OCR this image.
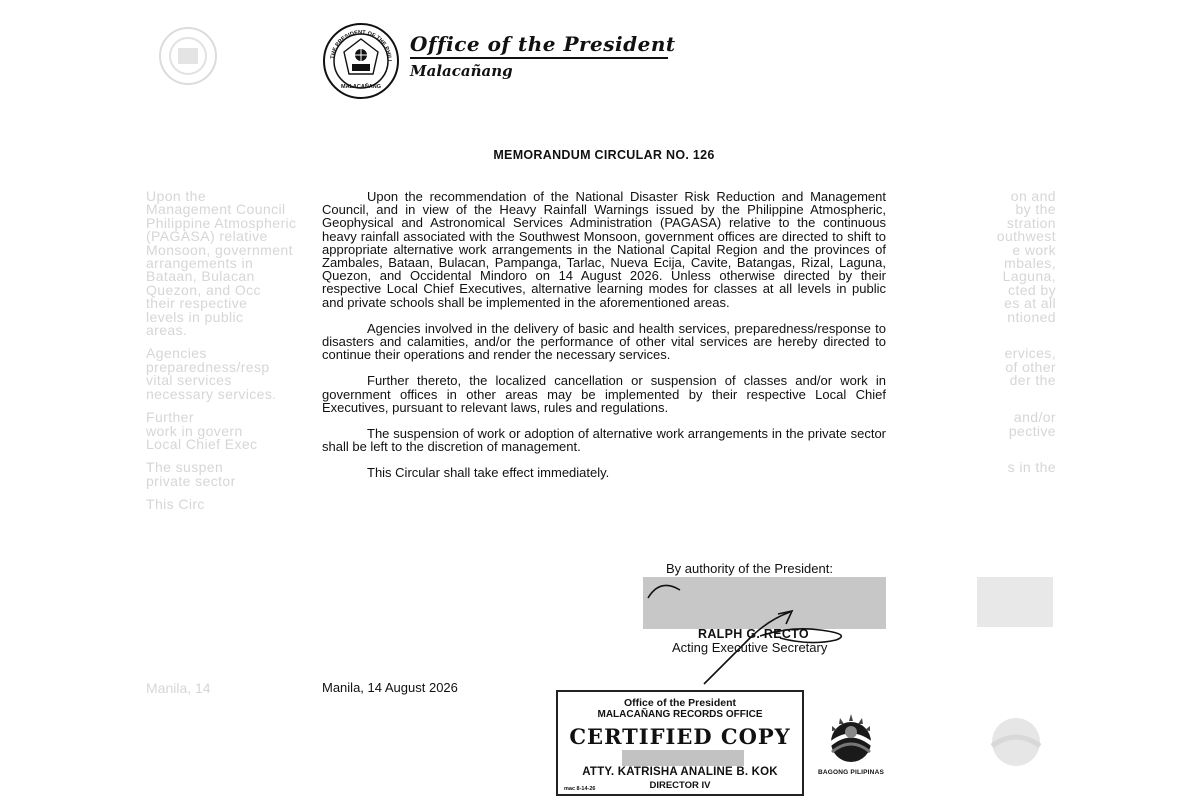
Upon the
Management Council
Philippine Atmospheric
(PAGASA) relative
Monsoon, government
arrangements in
Bataan, Bulacan
Quezon, and Occ
their respective
levels in public
areas.

Agencies
preparedness/resp
vital services
necessary services.

Further
work in govern
Local Chief Exec

The suspen
private sector

This Circ

on and
by the
stration
outhwest
e work
mbales,
Laguna,
cted by
es at all
ntioned

ervices,
of other
der the

and/or
pective

s in the

Manila, 14
THE PRESIDENT OF THE PHILI
MALACAÑANG
Office of the President
Malacañang
MEMORANDUM CIRCULAR NO. 126

Upon the recommendation of the National Disaster Risk Reduction and Management Council, and in view of the Heavy Rainfall Warnings issued by the Philippine Atmospheric, Geophysical and Astronomical Services Administration (PAGASA) relative to the continuous heavy rainfall associated with the Southwest Monsoon, government offices are directed to shift to appropriate alternative work arrangements in the National Capital Region and the provinces of Zambales, Bataan, Bulacan, Pampanga, Tarlac, Nueva Ecija, Cavite, Batangas, Rizal, Laguna, Quezon, and Occidental Mindoro on 14 August 2026. Unless otherwise directed by their respective Local Chief Executives, alternative learning modes for classes at all levels in public and private schools shall be implemented in the aforementioned areas.

Agencies involved in the delivery of basic and health services, preparedness/response to disasters and calamities, and/or the performance of other vital services are hereby directed to continue their operations and render the necessary services.

Further thereto, the localized cancellation or suspension of classes and/or work in government offices in other areas may be implemented by their respective Local Chief Executives, pursuant to relevant laws, rules and regulations.

The suspension of work or adoption of alternative work arrangements in the private sector shall be left to the discretion of management.

This Circular shall take effect immediately.

By authority of the President:
RALPH G. RECTO
Acting Executive Secretary
Manila, 14 August 2026
Office of the President
MALACAÑANG RECORDS OFFICE
CERTIFIED COPY
ATTY. KATRISHA ANALINE B. KOK
DIRECTOR IV
mac 8-14-26
BAGONG PILIPINAS
